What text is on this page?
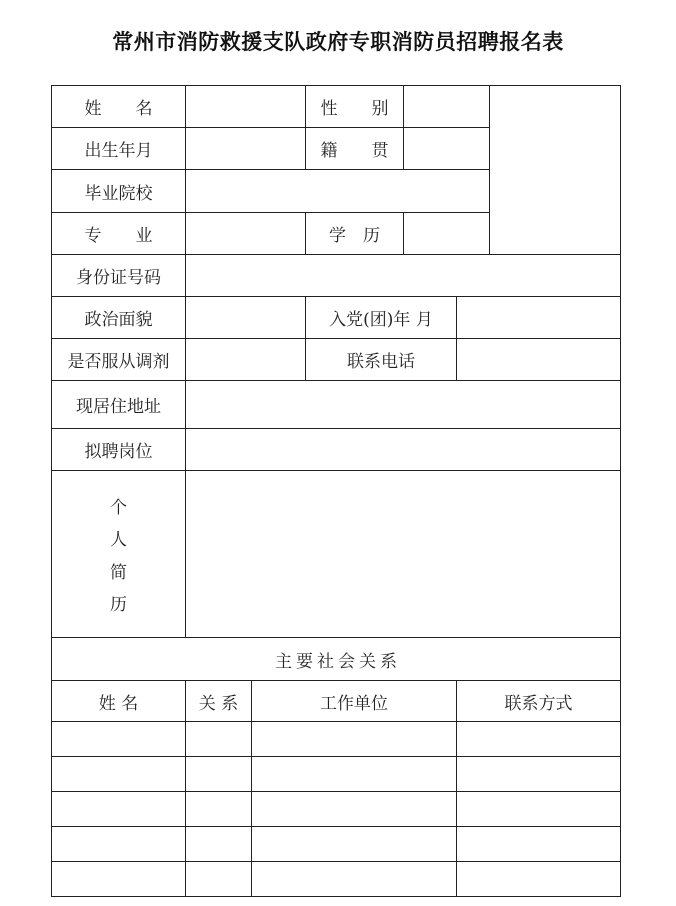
常州市消防救援支队政府专职消防员招聘报名表
姓　　名			性　　别			
出生年月			籍　　贯			
毕业院校						
专　　业			学　历			
身份证号码						
政治面貌			入党(团)年 月			
是否服从调剂			联系电话			
现居住地址						
拟聘岗位						

个
人
简
历						

主要社会关系						
姓 名	关 系	工作单位			联系方式	
